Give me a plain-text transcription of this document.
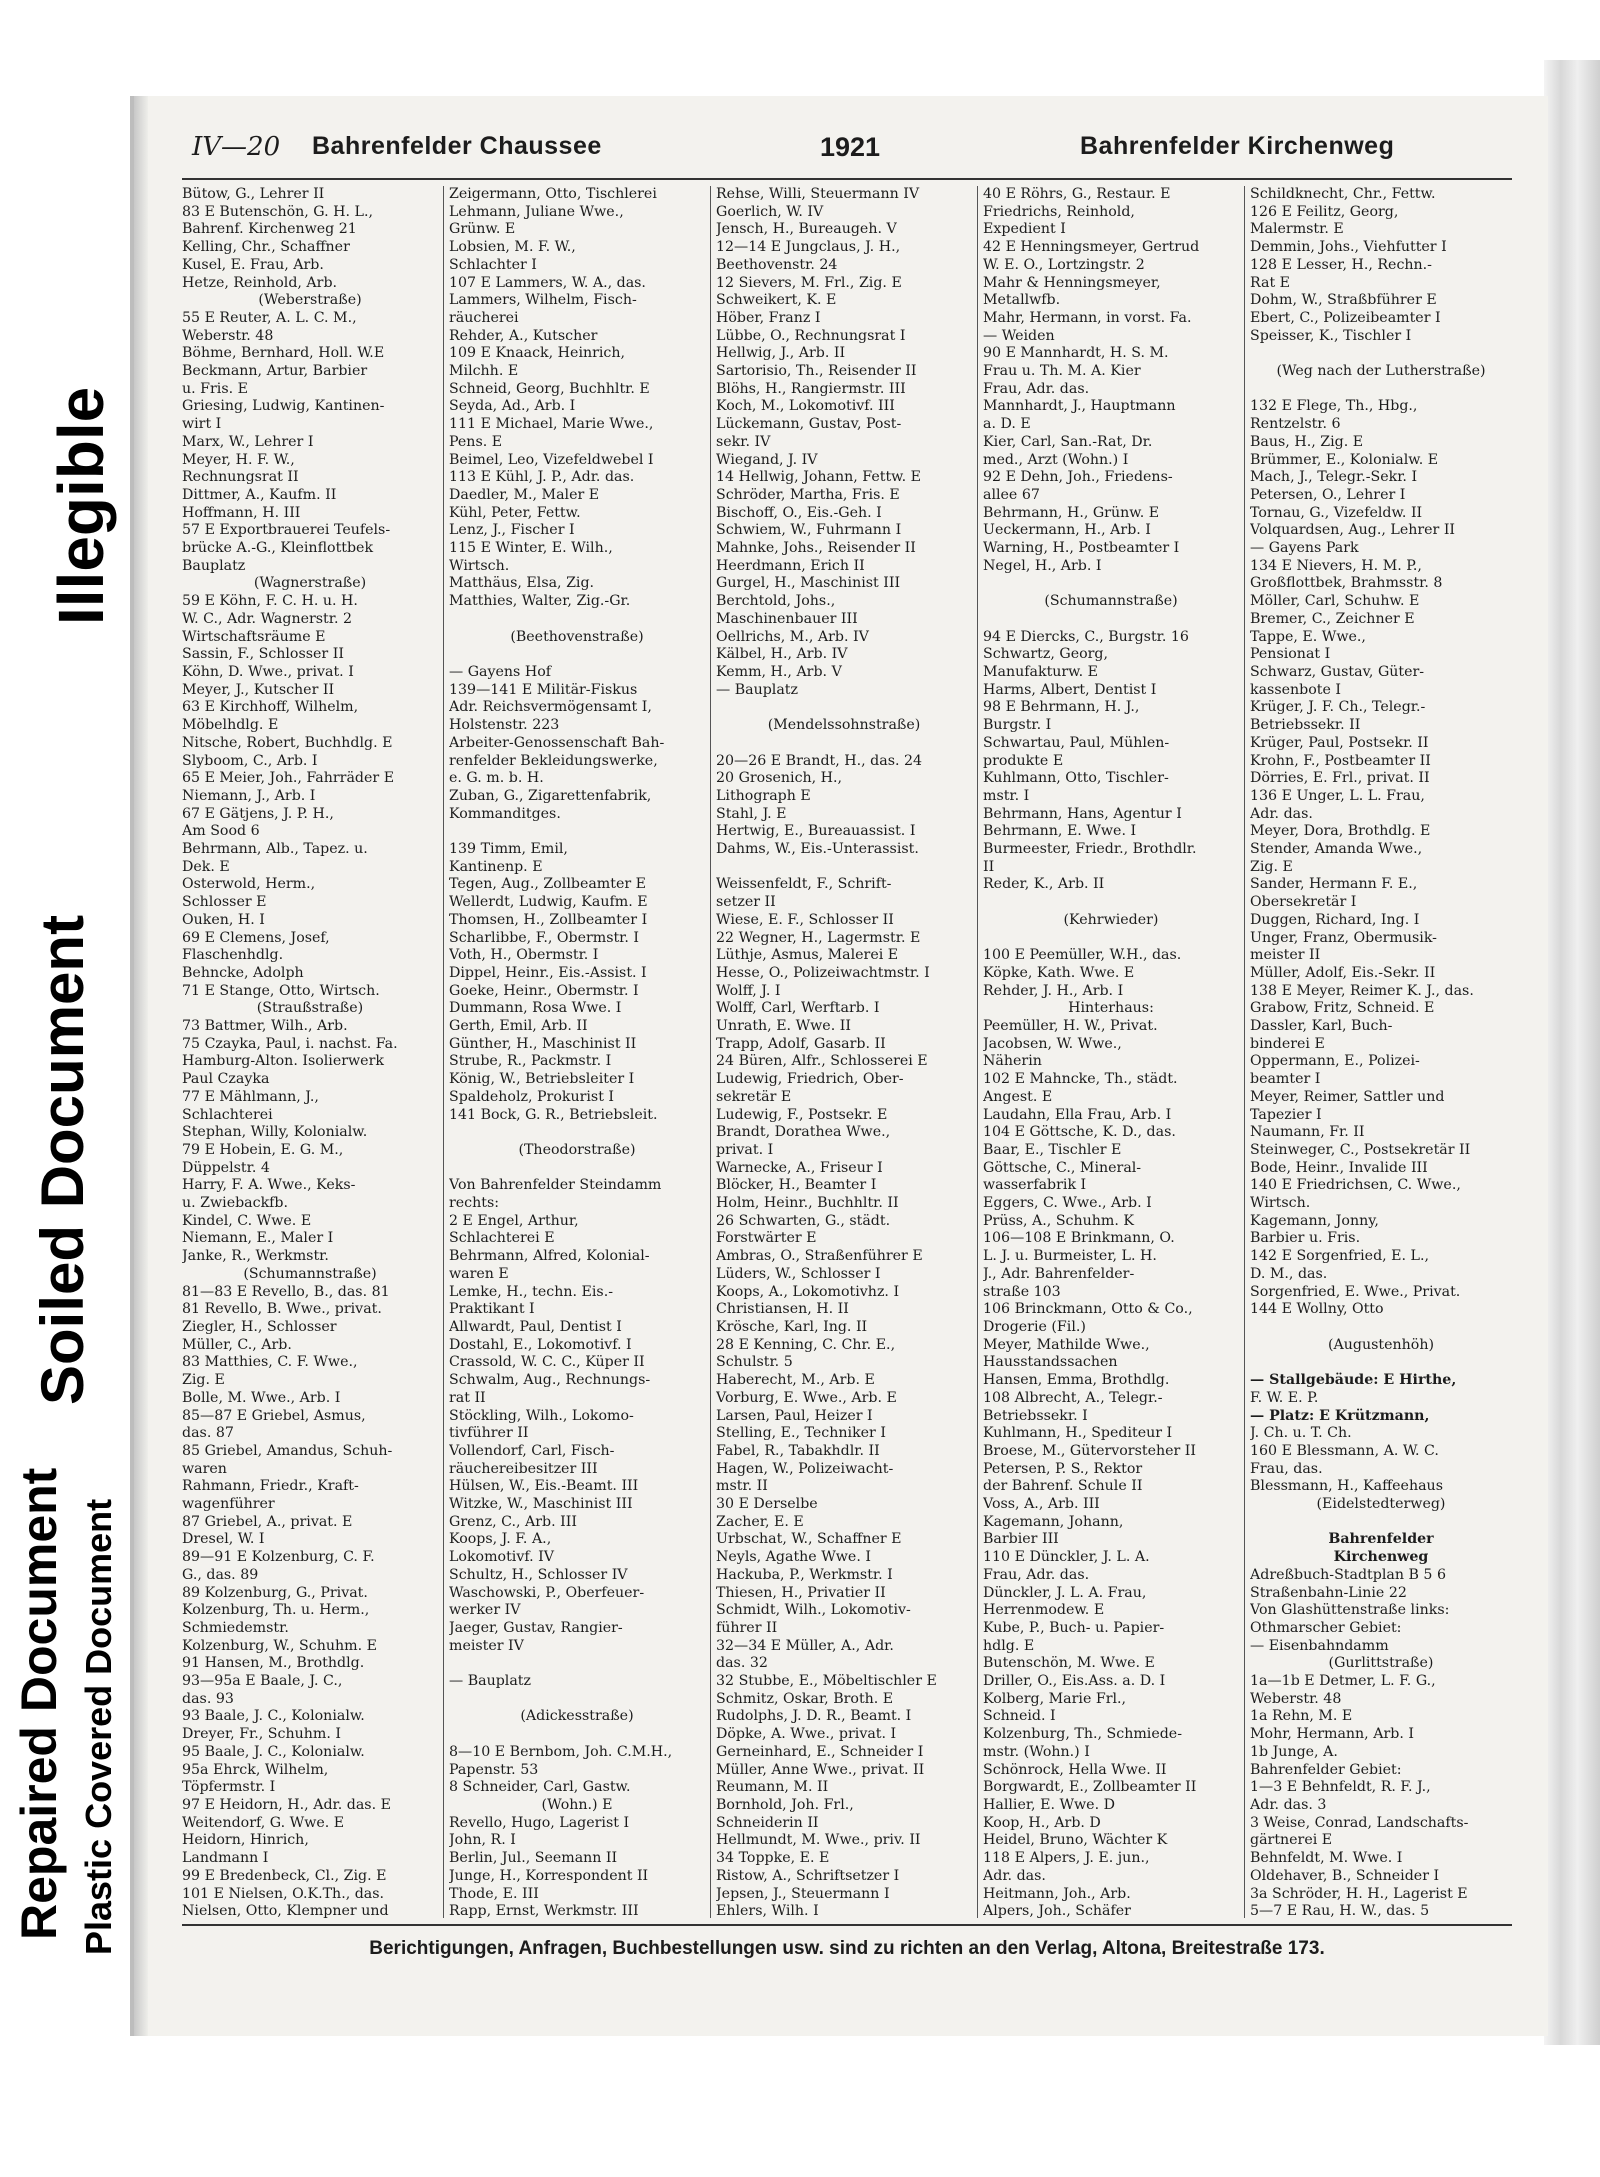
Illegible
Soiled Document
Repaired Document Plastic Covered Document
IV—20 Bahrenfelder Chaussee	1921	Bahrenfelder Kirchenweg
Bütow, G., Lehrer II
83 E Butenschön, G. H. L.,
Bahrenf. Kirchenweg 21
Kelling, Chr., Schaffner
Kusel, E. Frau, Arb.
Hetze, Reinhold, Arb.
(Weberstraße)
55 E Reuter, A. L. C. M.,
Weberstr. 48
Böhme, Bernhard, Holl. W.E
Beckmann, Artur, Barbier
u. Fris. E
Griesing, Ludwig, Kantinen-
wirt I
Marx, W., Lehrer I
Meyer, H. F. W.,
Rechnungsrat II
Dittmer, A., Kaufm. II
Hoffmann, H. III
57 E Exportbrauerei Teufels-
brücke A.-G., Kleinflottbek
Bauplatz
(Wagnerstraße)
59 E Köhn, F. C. H. u. H.
W. C., Adr. Wagnerstr. 2
Wirtschaftsräume E
Sassin, F., Schlosser II
Köhn, D. Wwe., privat. I
Meyer, J., Kutscher II
63 E Kirchhoff, Wilhelm,
Möbelhdlg. E
Nitsche, Robert, Buchhdlg. E
Slyboom, C., Arb. I
65 E Meier, Joh., Fahrräder E
Niemann, J., Arb. I
67 E Gätjens, J. P. H.,
Am Sood 6
Behrmann, Alb., Tapez. u.
Dek. E
Osterwold, Herm.,
Schlosser E
Ouken, H. I
69 E Clemens, Josef,
Flaschenhdlg.
Behncke, Adolph
71 E Stange, Otto, Wirtsch.
(Straußstraße)
73 Battmer, Wilh., Arb.
75 Czayka, Paul, i. nachst. Fa.
Hamburg-Alton. Isolierwerk
Paul Czayka
77 E Mählmann, J.,
Schlachterei
Stephan, Willy, Kolonialw.
79 E Hobein, E. G. M.,
Düppelstr. 4
Harry, F. A. Wwe., Keks-
u. Zwiebackfb.
Kindel, C. Wwe. E
Niemann, E., Maler I
Janke, R., Werkmstr.
(Schumannstraße)
81—83 E Revello, B., das. 81
81 Revello, B. Wwe., privat.
Ziegler, H., Schlosser
Müller, C., Arb.
83 Matthies, C. F. Wwe.,
Zig. E
Bolle, M. Wwe., Arb. I
85—87 E Griebel, Asmus,
das. 87
85 Griebel, Amandus, Schuh-
waren
Rahmann, Friedr., Kraft-
wagenführer
87 Griebel, A., privat. E
Dresel, W. I
89—91 E Kolzenburg, C. F.
G., das. 89
89 Kolzenburg, G., Privat.
Kolzenburg, Th. u. Herm.,
Schmiedemstr.
Kolzenburg, W., Schuhm. E
91 Hansen, M., Brothdlg.
93—95a E Baale, J. C.,
das. 93
93 Baale, J. C., Kolonialw.
Dreyer, Fr., Schuhm. I
95 Baale, J. C., Kolonialw.
95a Ehrck, Wilhelm,
Töpfermstr. I
97 E Heidorn, H., Adr. das. E
Weitendorf, G. Wwe. E
Heidorn, Hinrich,
Landmann I
99 E Bredenbeck, Cl., Zig. E
101 E Nielsen, O.K.Th., das.
Nielsen, Otto, Klempner und
Zeigermann, Otto, Tischlerei
Lehmann, Juliane Wwe.,
Grünw. E
Lobsien, M. F. W.,
Schlachter I
107 E Lammers, W. A., das.
Lammers, Wilhelm, Fisch-
räucherei
Rehder, A., Kutscher
109 E Knaack, Heinrich,
Milchh. E
Schneid, Georg, Buchhltr. E
Seyda, Ad., Arb. I
111 E Michael, Marie Wwe.,
Pens. E
Beimel, Leo, Vizefeldwebel I
113 E Kühl, J. P., Adr. das.
Daedler, M., Maler E
Kühl, Peter, Fettw.
Lenz, J., Fischer I
115 E Winter, E. Wilh.,
Wirtsch.
Matthäus, Elsa, Zig.
Matthies, Walter, Zig.-Gr.

(Beethovenstraße)

— Gayens Hof
139—141 E Militär-Fiskus
Adr. Reichsvermögensamt I,
Holstenstr. 223
Arbeiter-Genossenschaft Bah-
renfelder Bekleidungswerke,
e. G. m. b. H.
Zuban, G., Zigarettenfabrik,
Kommanditges.

139 Timm, Emil,
Kantinenp. E
Tegen, Aug., Zollbeamter E
Wellerdt, Ludwig, Kaufm. E
Thomsen, H., Zollbeamter I
Scharlibbe, F., Obermstr. I
Voth, H., Obermstr. I
Dippel, Heinr., Eis.-Assist. I
Goeke, Heinr., Obermstr. I
Dummann, Rosa Wwe. I
Gerth, Emil, Arb. II
Günther, H., Maschinist II
Strube, R., Packmstr. I
König, W., Betriebsleiter I
Spaldeholz, Prokurist I
141 Bock, G. R., Betriebsleit.

(Theodorstraße)

Von Bahrenfelder Steindamm
rechts:
2 E Engel, Arthur,
Schlachterei E
Behrmann, Alfred, Kolonial-
waren E
Lemke, H., techn. Eis.-
Praktikant I
Allwardt, Paul, Dentist I
Dostahl, E., Lokomotivf. I
Crassold, W. C. C., Küper II
Schwalm, Aug., Rechnungs-
rat II
Stöckling, Wilh., Lokomo-
tivführer II
Vollendorf, Carl, Fisch-
räuchereibesitzer III
Hülsen, W., Eis.-Beamt. III
Witzke, W., Maschinist III
Grenz, C., Arb. III
Koops, J. F. A.,
Lokomotivf. IV
Schultz, H., Schlosser IV
Waschowski, P., Oberfeuer-
werker IV
Jaeger, Gustav, Rangier-
meister IV

— Bauplatz

(Adickesstraße)

8—10 E Bernbom, Joh. C.M.H.,
Papenstr. 53
8 Schneider, Carl, Gastw.
(Wohn.) E
Revello, Hugo, Lagerist I
John, R. I
Berlin, Jul., Seemann II
Junge, H., Korrespondent II
Thode, E. III
Rapp, Ernst, Werkmstr. III
Rehse, Willi, Steuermann IV
Goerlich, W. IV
Jensch, H., Bureaugeh. V
12—14 E Jungclaus, J. H.,
Beethovenstr. 24
12 Sievers, M. Frl., Zig. E
Schweikert, K. E
Höber, Franz I
Lübbe, O., Rechnungsrat I
Hellwig, J., Arb. II
Sartorisio, Th., Reisender II
Blöhs, H., Rangiermstr. III
Koch, M., Lokomotivf. III
Lückemann, Gustav, Post-
sekr. IV
Wiegand, J. IV
14 Hellwig, Johann, Fettw. E
Schröder, Martha, Fris. E
Bischoff, O., Eis.-Geh. I
Schwiem, W., Fuhrmann I
Mahnke, Johs., Reisender II
Heerdmann, Erich II
Gurgel, H., Maschinist III
Berchtold, Johs.,
Maschinenbauer III
Oellrichs, M., Arb. IV
Kälbel, H., Arb. IV
Kemm, H., Arb. V
— Bauplatz

(Mendelssohnstraße)

20—26 E Brandt, H., das. 24
20 Grosenich, H.,
Lithograph E
Stahl, J. E
Hertwig, E., Bureauassist. I
Dahms, W., Eis.-Unterassist.

Weissenfeldt, F., Schrift-
setzer II
Wiese, E. F., Schlosser II
22 Wegner, H., Lagermstr. E
Lüthje, Asmus, Malerei E
Hesse, O., Polizeiwachtmstr. I
Wolff, J. I
Wolff, Carl, Werftarb. I
Unrath, E. Wwe. II
Trapp, Adolf, Gasarb. II
24 Büren, Alfr., Schlosserei E
Ludewig, Friedrich, Ober-
sekretär E
Ludewig, F., Postsekr. E
Brandt, Dorathea Wwe.,
privat. I
Warnecke, A., Friseur I
Blöcker, H., Beamter I
Holm, Heinr., Buchhltr. II
26 Schwarten, G., städt.
Forstwärter E
Ambras, O., Straßenführer E
Lüders, W., Schlosser I
Koops, A., Lokomotivhz. I
Christiansen, H. II
Krösche, Karl, Ing. II
28 E Kenning, C. Chr. E.,
Schulstr. 5
Haberecht, M., Arb. E
Vorburg, E. Wwe., Arb. E
Larsen, Paul, Heizer I
Stelling, E., Techniker I
Fabel, R., Tabakhdlr. II
Hagen, W., Polizeiwacht-
mstr. II
30 E Derselbe
Zacher, E. E
Urbschat, W., Schaffner E
Neyls, Agathe Wwe. I
Hackuba, P., Werkmstr. I
Thiesen, H., Privatier II
Schmidt, Wilh., Lokomotiv-
führer II
32—34 E Müller, A., Adr.
das. 32
32 Stubbe, E., Möbeltischler E
Schmitz, Oskar, Broth. E
Rudolphs, J. D. R., Beamt. I
Döpke, A. Wwe., privat. I
Gerneinhard, E., Schneider I
Müller, Anne Wwe., privat. II
Reumann, M. II
Bornhold, Joh. Frl.,
Schneiderin II
Hellmundt, M. Wwe., priv. II
34 Toppke, E. E
Ristow, A., Schriftsetzer I
Jepsen, J., Steuermann I
Ehlers, Wilh. I
40 E Röhrs, G., Restaur. E
Friedrichs, Reinhold,
Expedient I
42 E Henningsmeyer, Gertrud
W. E. O., Lortzingstr. 2
Mahr & Henningsmeyer,
Metallwfb.
Mahr, Hermann, in vorst. Fa.
— Weiden
90 E Mannhardt, H. S. M.
Frau u. Th. M. A. Kier
Frau, Adr. das.
Mannhardt, J., Hauptmann
a. D. E
Kier, Carl, San.-Rat, Dr.
med., Arzt (Wohn.) I
92 E Dehn, Joh., Friedens-
allee 67
Behrmann, H., Grünw. E
Ueckermann, H., Arb. I
Warning, H., Postbeamter I
Negel, H., Arb. I

(Schumannstraße)

94 E Diercks, C., Burgstr. 16
Schwartz, Georg,
Manufakturw. E
Harms, Albert, Dentist I
98 E Behrmann, H. J.,
Burgstr. I
Schwartau, Paul, Mühlen-
produkte E
Kuhlmann, Otto, Tischler-
mstr. I
Behrmann, Hans, Agentur I
Behrmann, E. Wwe. I
Burmeester, Friedr., Brothdlr.
II
Reder, K., Arb. II

(Kehrwieder)

100 E Peemüller, W.H., das.
Köpke, Kath. Wwe. E
Rehder, J. H., Arb. I
Hinterhaus:
Peemüller, H. W., Privat.
Jacobsen, W. Wwe.,
Näherin
102 E Mahncke, Th., städt.
Angest. E
Laudahn, Ella Frau, Arb. I
104 E Göttsche, K. D., das.
Baar, E., Tischler E
Göttsche, C., Mineral-
wasserfabrik I
Eggers, C. Wwe., Arb. I
Prüss, A., Schuhm. K
106—108 E Brinkmann, O.
L. J. u. Burmeister, L. H.
J., Adr. Bahrenfelder-
straße 103
106 Brinckmann, Otto & Co.,
Drogerie (Fil.)
Meyer, Mathilde Wwe.,
Hausstandssachen
Hansen, Emma, Brothdlg.
108 Albrecht, A., Telegr.-
Betriebssekr. I
Kuhlmann, H., Spediteur I
Broese, M., Gütervorsteher II
Petersen, P. S., Rektor
der Bahrenf. Schule II
Voss, A., Arb. III
Kagemann, Johann,
Barbier III
110 E Dünckler, J. L. A.
Frau, Adr. das.
Dünckler, J. L. A. Frau,
Herrenmodew. E
Kube, P., Buch- u. Papier-
hdlg. E
Butenschön, M. Wwe. E
Driller, O., Eis.Ass. a. D. I
Kolberg, Marie Frl.,
Schneid. I
Kolzenburg, Th., Schmiede-
mstr. (Wohn.) I
Schönrock, Hella Wwe. II
Borgwardt, E., Zollbeamter II
Hallier, E. Wwe. D
Koop, H., Arb. D
Heidel, Bruno, Wächter K
118 E Alpers, J. E. jun.,
Adr. das.
Heitmann, Joh., Arb.
Alpers, Joh., Schäfer

Schildknecht, Chr., Fettw.
126 E Feilitz, Georg,
Malermstr. E
Demmin, Johs., Viehfutter I
128 E Lesser, H., Rechn.-
Rat E
Dohm, W., Straßbführer E
Ebert, C., Polizeibeamter I
Speisser, K., Tischler I

(Weg nach der Lutherstraße)

132 E Flege, Th., Hbg.,
Rentzelstr. 6
Baus, H., Zig. E
Brümmer, E., Kolonialw. E
Mach, J., Telegr.-Sekr. I
Petersen, O., Lehrer I
Tornau, G., Vizefeldw. II
Volquardsen, Aug., Lehrer II
— Gayens Park
134 E Nievers, H. M. P.,
Großflottbek, Brahmsstr. 8
Möller, Carl, Schuhw. E
Bremer, C., Zeichner E
Tappe, E. Wwe.,
Pensionat I
Schwarz, Gustav, Güter-
kassenbote I
Krüger, J. F. Ch., Telegr.-
Betriebssekr. II
Krüger, Paul, Postsekr. II
Krohn, F., Postbeamter II
Dörries, E. Frl., privat. II
136 E Unger, L. L. Frau,
Adr. das.
Meyer, Dora, Brothdlg. E
Stender, Amanda Wwe.,
Zig. E
Sander, Hermann F. E.,
Obersekretär I
Duggen, Richard, Ing. I
Unger, Franz, Obermusik-
meister II
Müller, Adolf, Eis.-Sekr. II
138 E Meyer, Reimer K. J., das.
Grabow, Fritz, Schneid. E
Dassler, Karl, Buch-
binderei E
Oppermann, E., Polizei-
beamter I
Meyer, Reimer, Sattler und
Tapezier I
Naumann, Fr. II
Steinweger, C., Postsekretär II
Bode, Heinr., Invalide III
140 E Friedrichsen, C. Wwe.,
Wirtsch.
Kagemann, Jonny,
Barbier u. Fris.
142 E Sorgenfried, E. L.,
D. M., das.
Sorgenfried, E. Wwe., Privat.
144 E Wollny, Otto

(Augustenhöh)

— Stallgebäude: E Hirthe,
F. W. E. P.
— Platz: E Krützmann,
J. Ch. u. T. Ch.
160 E Blessmann, A. W. C.
Frau, das.
Blessmann, H., Kaffeehaus
(Eidelstedterweg)

Bahrenfelder
Kirchenweg
Adreßbuch-Stadtplan B 5 6
Straßenbahn-Linie 22
Von Glashüttenstraße links:
Othmarscher Gebiet:
— Eisenbahndamm
(Gurlittstraße)
1a—1b E Detmer, L. F. G.,
Weberstr. 48
1a Rehn, M. E
Mohr, Hermann, Arb. I
1b Junge, A.
Bahrenfelder Gebiet:
1—3 E Behnfeldt, R. F. J.,
Adr. das. 3
3 Weise, Conrad, Landschafts-
gärtnerei E
Behnfeldt, M. Wwe. I
Oldehaver, B., Schneider I
3a Schröder, H. H., Lagerist E
5—7 E Rau, H. W., das. 5
Berichtigungen, Anfragen, Buchbestellungen usw. sind zu richten an den Verlag, Altona, Breitestraße 173.
